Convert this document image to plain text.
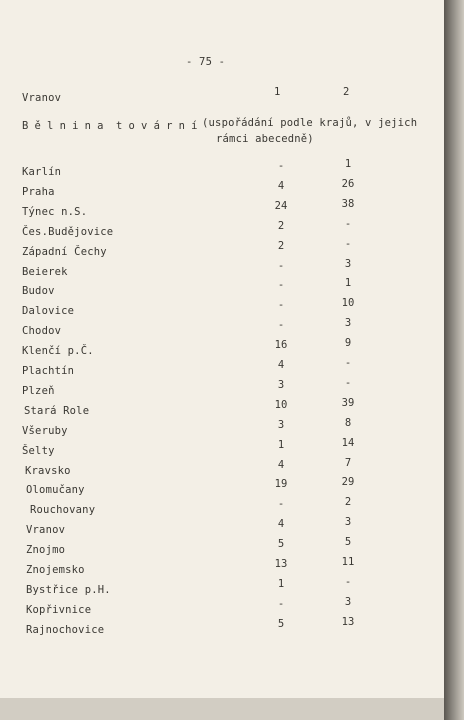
- 75 -
Vranov	1	2
Bělnina tovární
(uspořádání podle krajů, v jejich
rámci abecedně)
Karlín	-	1
Praha	4	26
Týnec n.S.	24	38
Čes.Budějovice	2	-
Západní Čechy	2	-
Beierek	-	3
Budov	-	1
Dalovice	-	10
Chodov	-	3
Klenčí p.Č.	16	9
Plachtín	4	-
Plzeň	3	-
Stará Role	10	39
Všeruby	3	8
Šelty	1	14
Kravsko	4	7
Olomučany	19	29
Rouchovany	-	2
Vranov	4	3
Znojmo	5	5
Znojemsko	13	11
Bystřice p.H.	1	-
Kopřivnice	-	3
Rajnochovice	5	13
